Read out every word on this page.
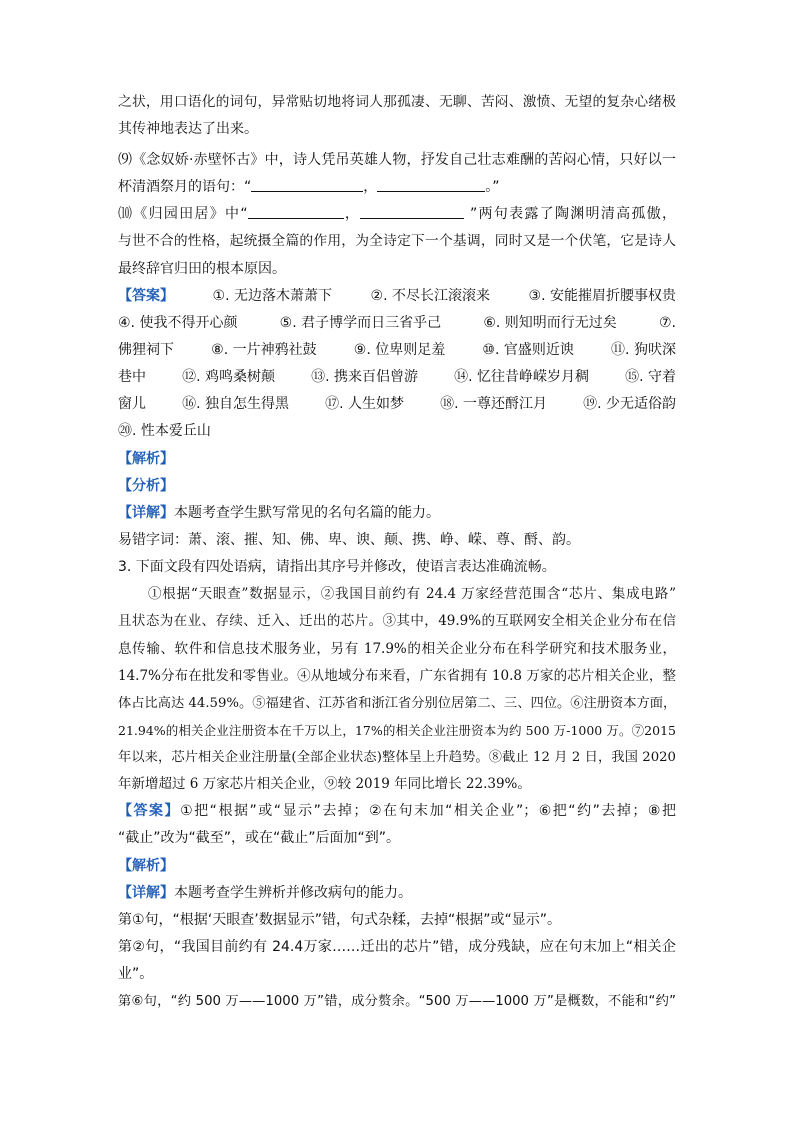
之状，用口语化的词句，异常贴切地将词人那孤凄、无聊、苦闷、激愤、无望的复杂心绪极
其传神地表达了出来。
⑼《念奴娇·赤壁怀古》中，诗人凭吊英雄人物，抒发自己壮志难酬的苦闷心情，只好以一
杯清酒祭月的语句：“	，	。”
⑽《归园田居》中“	，	”两句表露了陶渊明清高孤傲，
与世不合的性格，起统摄全篇的作用，为全诗定下一个基调，同时又是一个伏笔，它是诗人
最终辞官归田的根本原因。
【答案】	①. 无边落木萧萧下	②. 不尽长江滚滚来	③. 安能摧眉折腰事权贵
④. 使我不得开心颜	⑤. 君子博学而日三省乎己	⑥. 则知明而行无过矣	⑦.
佛狸祠下	⑧. 一片神鸦社鼓	⑨. 位卑则足羞	⑩. 官盛则近谀	⑪. 狗吠深
巷中	⑫. 鸡鸣桑树颠	⑬. 携来百侣曾游	⑭. 忆往昔峥嵘岁月稠	⑮. 守着
窗儿	⑯. 独自怎生得黑	⑰. 人生如梦	⑱. 一尊还酹江月	⑲. 少无适俗韵
⑳. 性本爱丘山
【解析】
【分析】
【详解】本题考查学生默写常见的名句名篇的能力。
易错字词：萧、滚、摧、知、佛、卑、谀、颠、携、峥、嵘、尊、酹、韵。
3. 下面文段有四处语病，请指出其序号并修改，使语言表达准确流畅。
①根据“天眼查”数据显示，②我国目前约有 24.4 万家经营范围含“芯片、集成电路”
且状态为在业、存续、迁入、迁出的芯片。③其中，49.9%的互联网安全相关企业分布在信
息传输、软件和信息技术服务业，另有 17.9%的相关企业分布在科学研究和技术服务业，
14.7%分布在批发和零售业。④从地域分布来看，广东省拥有 10.8 万家的芯片相关企业，整
体占比高达 44.59%。⑤福建省、江苏省和浙江省分别位居第二、三、四位。⑥注册资本方面，
21.94%的相关企业注册资本在千万以上，17%的相关企业注册资本为约 500 万-1000 万。⑦2015
年以来，芯片相关企业注册量(全部企业状态)整体呈上升趋势。⑧截止 12 月 2 日，我国 2020
年新增超过 6 万家芯片相关企业，⑨较 2019 年同比增长 22.39%。
【答案】①把“根据”或“显示”去掉；②在句末加“相关企业”；⑥把“约”去掉；⑧把
“截止”改为“截至”，或在“截止”后面加“到”。
【解析】
【详解】本题考查学生辨析并修改病句的能力。
第①句，“根据‘天眼查’数据显示”错，句式杂糅，去掉“根据”或“显示”。
第②句，“我国目前约有 24.4万家……迁出的芯片”错，成分残缺，应在句末加上“相关企
业”。
第⑥句，“约 500 万——1000 万”错，成分赘余。“500 万——1000 万”是概数，不能和“约”
